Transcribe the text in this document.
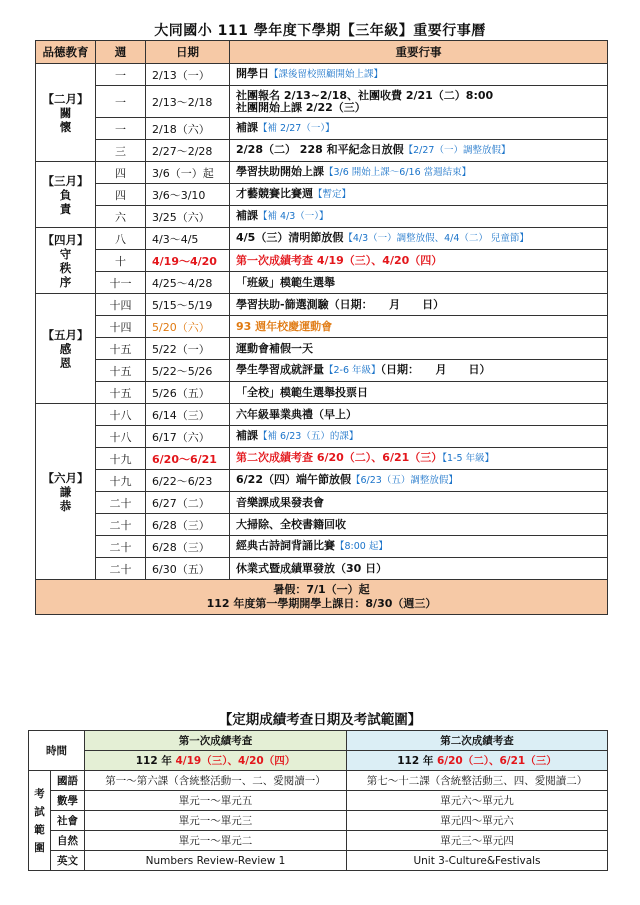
大同國小 111 學年度下學期【三年級】重要行事曆
品德教育	週	日期	重要行事

【二月】
關
懷	一	2/13（一）	開學日【課後留校照顧開始上課】
	一	2/13～2/18	社團報名 2/13~2/18、社團收費 2/21（二）8:00
社團開始上課 2/22（三）
	一	2/18（六）	補課【補 2/27（一）】
	三	2/27～2/28	2/28（二） 228 和平紀念日放假【2/27（一）調整放假】

【三月】
負
責	四	3/6（一）起	學習扶助開始上課【3/6 開始上課～6/16 當週結束】
	四	3/6～3/10	才藝競賽比賽週【暫定】
	六	3/25（六）	補課【補 4/3（一）】

【四月】
守
秩
序	八	4/3～4/5	4/5（三）清明節放假【4/3（一）調整放假、4/4（二） 兒童節】
	十	4/19～4/20	第一次成績考查 4/19（三）、4/20（四）
	十一	4/25～4/28	「班級」模範生選舉

【五月】
感
恩	十四	5/15～5/19	學習扶助-篩選測驗（日期：　　月　　日）
	十四	5/20（六）	93 週年校慶運動會
	十五	5/22（一）	運動會補假一天
	十五	5/22～5/26	學生學習成就評量【2-6 年級】（日期：　　月　　日）
	十五	5/26（五）	「全校」模範生選舉投票日

【六月】
謙
恭	十八	6/14（三）	六年級畢業典禮（早上）
	十八	6/17（六）	補課【補 6/23（五）的課】
	十九	6/20～6/21	第二次成績考查 6/20（二）、6/21（三）【1-5 年級】
	十九	6/22～6/23	6/22（四）端午節放假【6/23（五）調整放假】
	二十	6/27（二）	音樂課成果發表會
	二十	6/28（三）	大掃除、全校書籍回收
	二十	6/28（三）	經典古詩詞背誦比賽【8:00 起】
	二十	6/30（五）	休業式暨成績單發放（30 日）

暑假：7/1（一）起
112 年度第一學期開學上課日：8/30（週三）			
【定期成績考查日期及考試範圍】
時間		第一次成績考查	第二次成績考查
		112 年 4/19（三）、4/20（四）	112 年 6/20（二）、6/21（三）

考
試
範
圍	國語	第一～第六課（含統整活動一、二、愛閱讀一）	第七～十二課（含統整活動三、四、愛閱讀二）
	數學	單元一～單元五	單元六～單元九
	社會	單元一～單元三	單元四～單元六
	自然	單元一～單元二	單元三～單元四
	英文	Numbers Review-Review 1	Unit 3-Culture&Festivals
